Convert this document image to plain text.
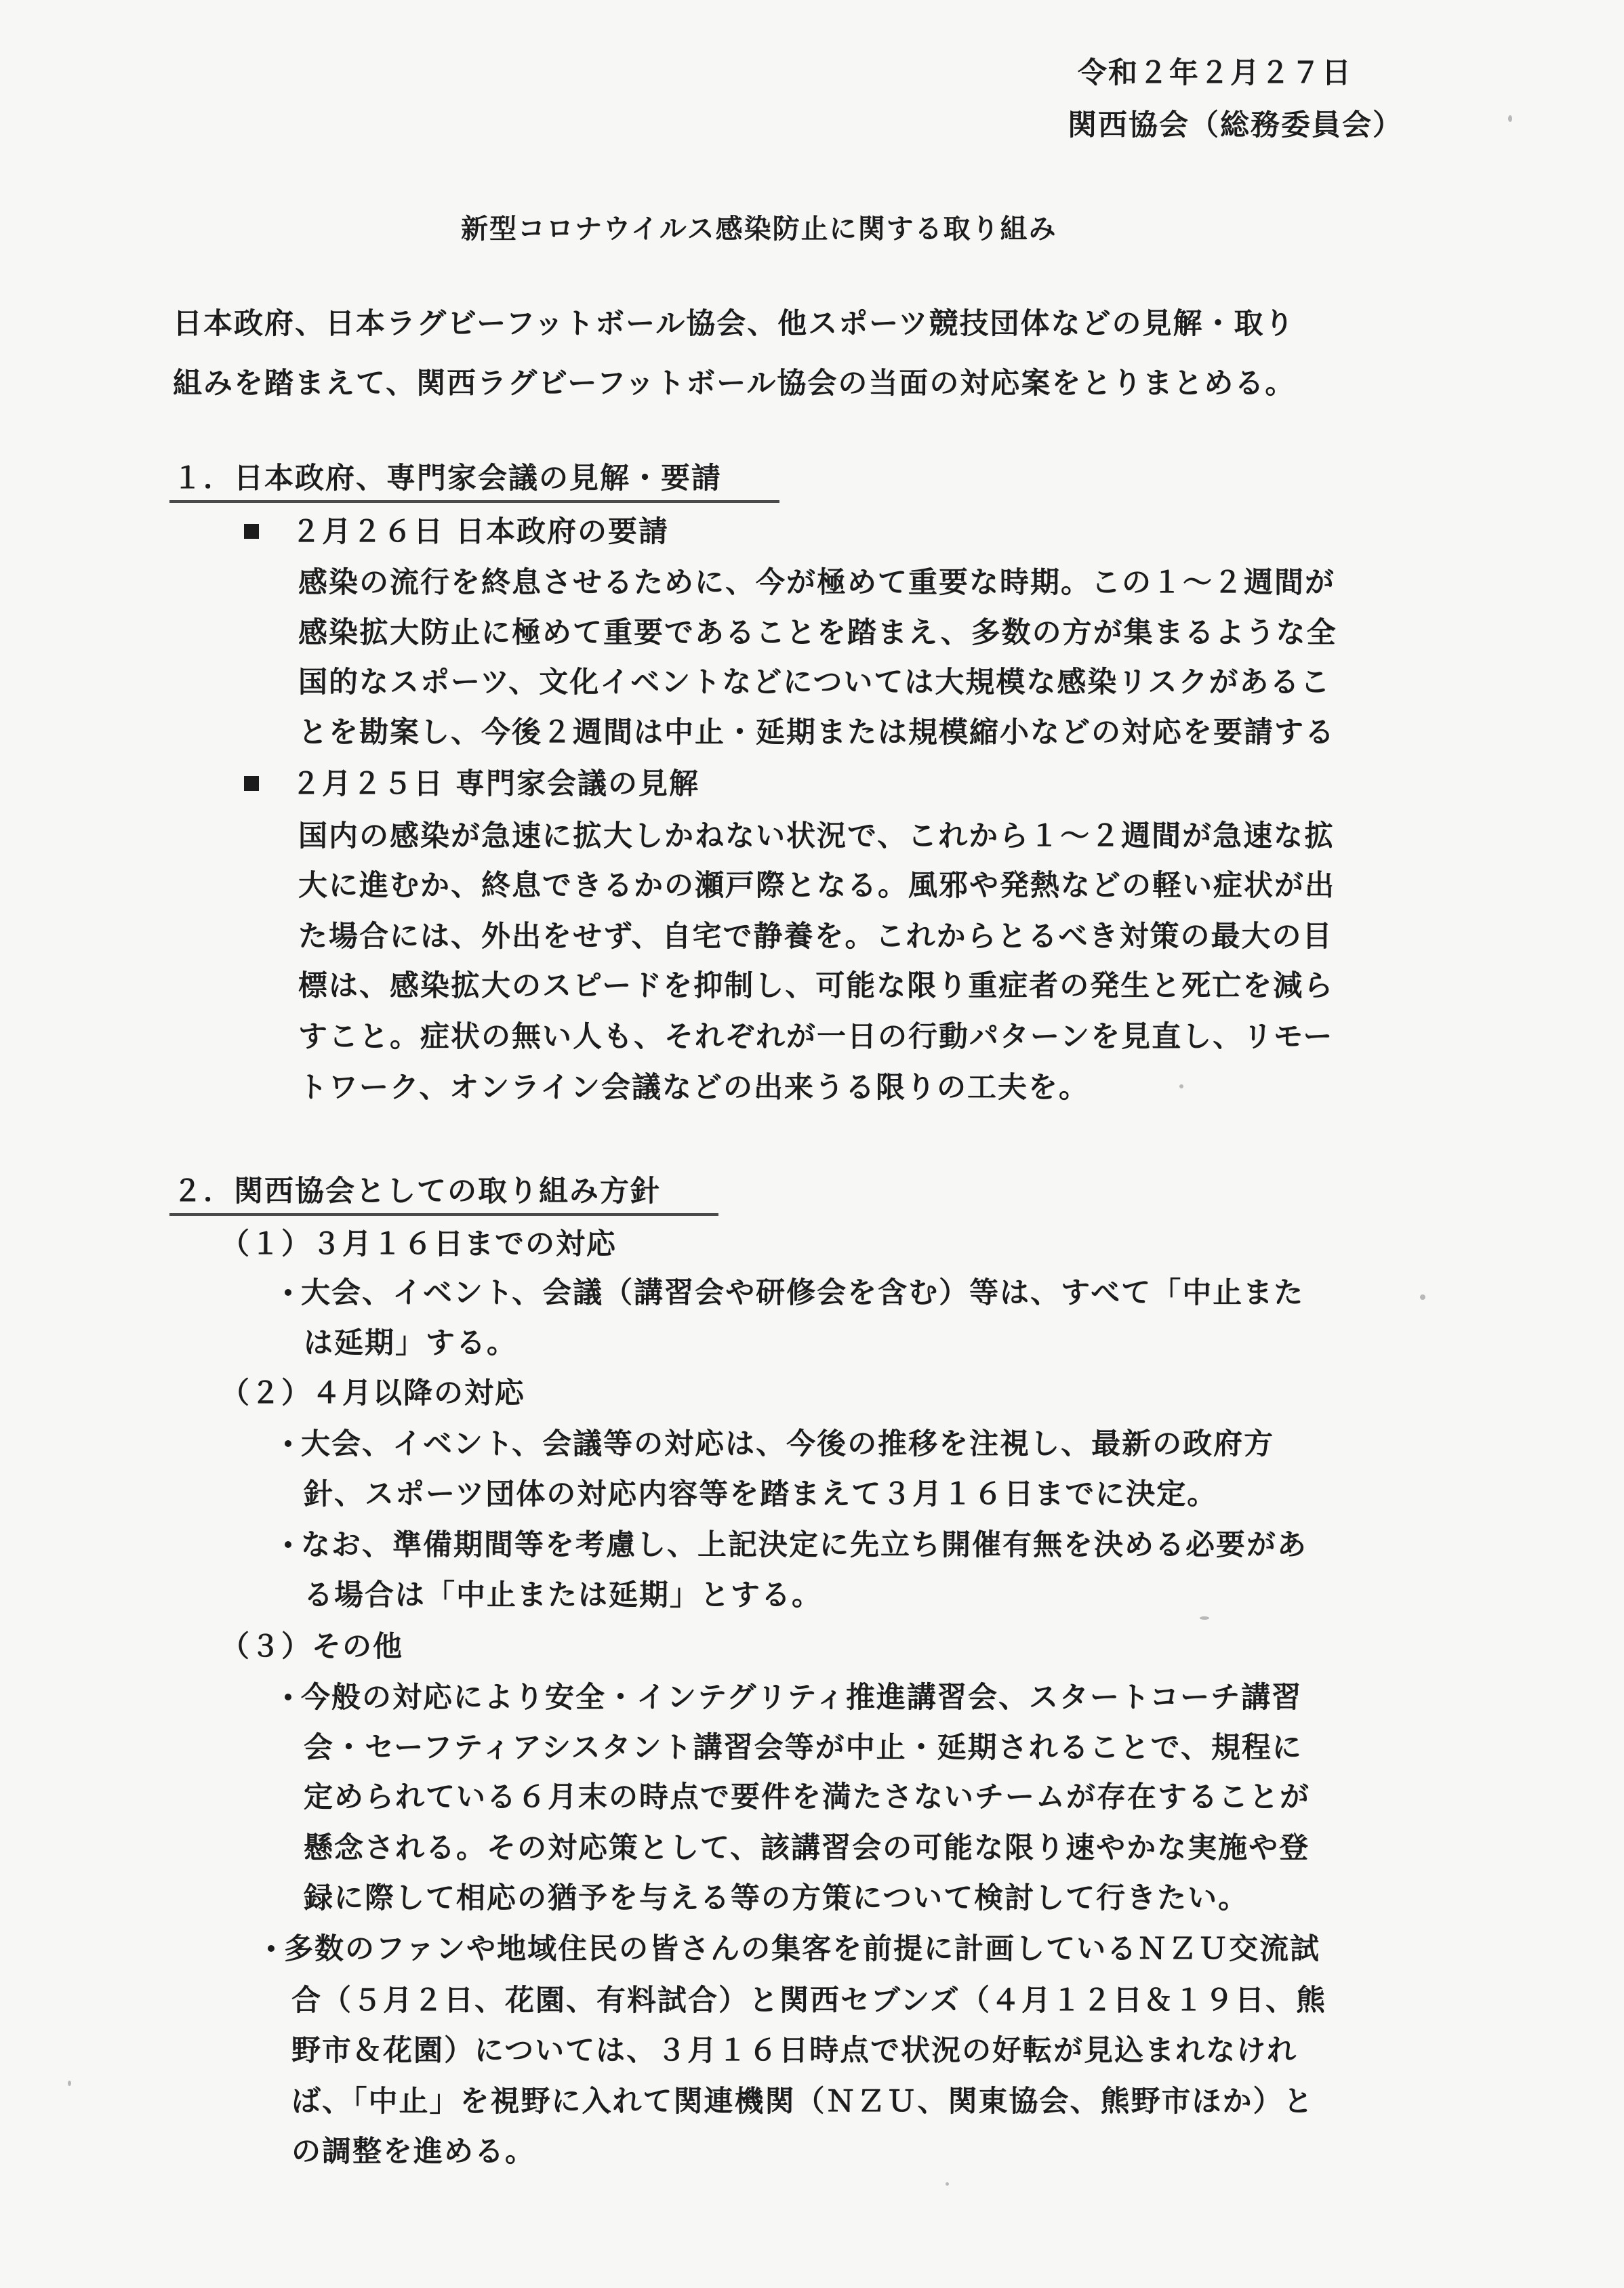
令和２年２月２７日
関西協会（総務委員会）
新型コロナウイルス感染防止に関する取り組み
日本政府、日本ラグビーフットボール協会、他スポーツ競技団体などの見解・取り
組みを踏まえて、関西ラグビーフットボール協会の当面の対応案をとりまとめる。
１．日本政府、専門家会議の見解・要請
２月２６日 日本政府の要請
感染の流行を終息させるために、今が極めて重要な時期。この１～２週間が
感染拡大防止に極めて重要であることを踏まえ、多数の方が集まるような全
国的なスポーツ、文化イベントなどについては大規模な感染リスクがあるこ
とを勘案し、今後２週間は中止・延期または規模縮小などの対応を要請する
２月２５日 専門家会議の見解
国内の感染が急速に拡大しかねない状況で、これから１～２週間が急速な拡
大に進むか、終息できるかの瀬戸際となる。風邪や発熱などの軽い症状が出
た場合には、外出をせず、自宅で静養を。これからとるべき対策の最大の目
標は、感染拡大のスピードを抑制し、可能な限り重症者の発生と死亡を減ら
すこと。症状の無い人も、それぞれが一日の行動パターンを見直し、リモー
トワーク、オンライン会議などの出来うる限りの工夫を。
２．関西協会としての取り組み方針
（１）３月１６日までの対応
大会、イベント、会議（講習会や研修会を含む）等は、すべて「中止また
は延期」する。
（２）４月以降の対応
大会、イベント、会議等の対応は、今後の推移を注視し、最新の政府方
針、スポーツ団体の対応内容等を踏まえて３月１６日までに決定。
なお、準備期間等を考慮し、上記決定に先立ち開催有無を決める必要があ
る場合は「中止または延期」とする。
（３）その他
今般の対応により安全・インテグリティ推進講習会、スタートコーチ講習
会・セーフティアシスタント講習会等が中止・延期されることで、規程に
定められている６月末の時点で要件を満たさないチームが存在することが
懸念される。その対応策として、該講習会の可能な限り速やかな実施や登
録に際して相応の猶予を与える等の方策について検討して行きたい。
多数のファンや地域住民の皆さんの集客を前提に計画しているＮＺＵ交流試
合（５月２日、花園、有料試合）と関西セブンズ（４月１２日＆１９日、熊
野市＆花園）については、３月１６日時点で状況の好転が見込まれなけれ
ば、「中止」を視野に入れて関連機関（ＮＺＵ、関東協会、熊野市ほか）と
の調整を進める。
